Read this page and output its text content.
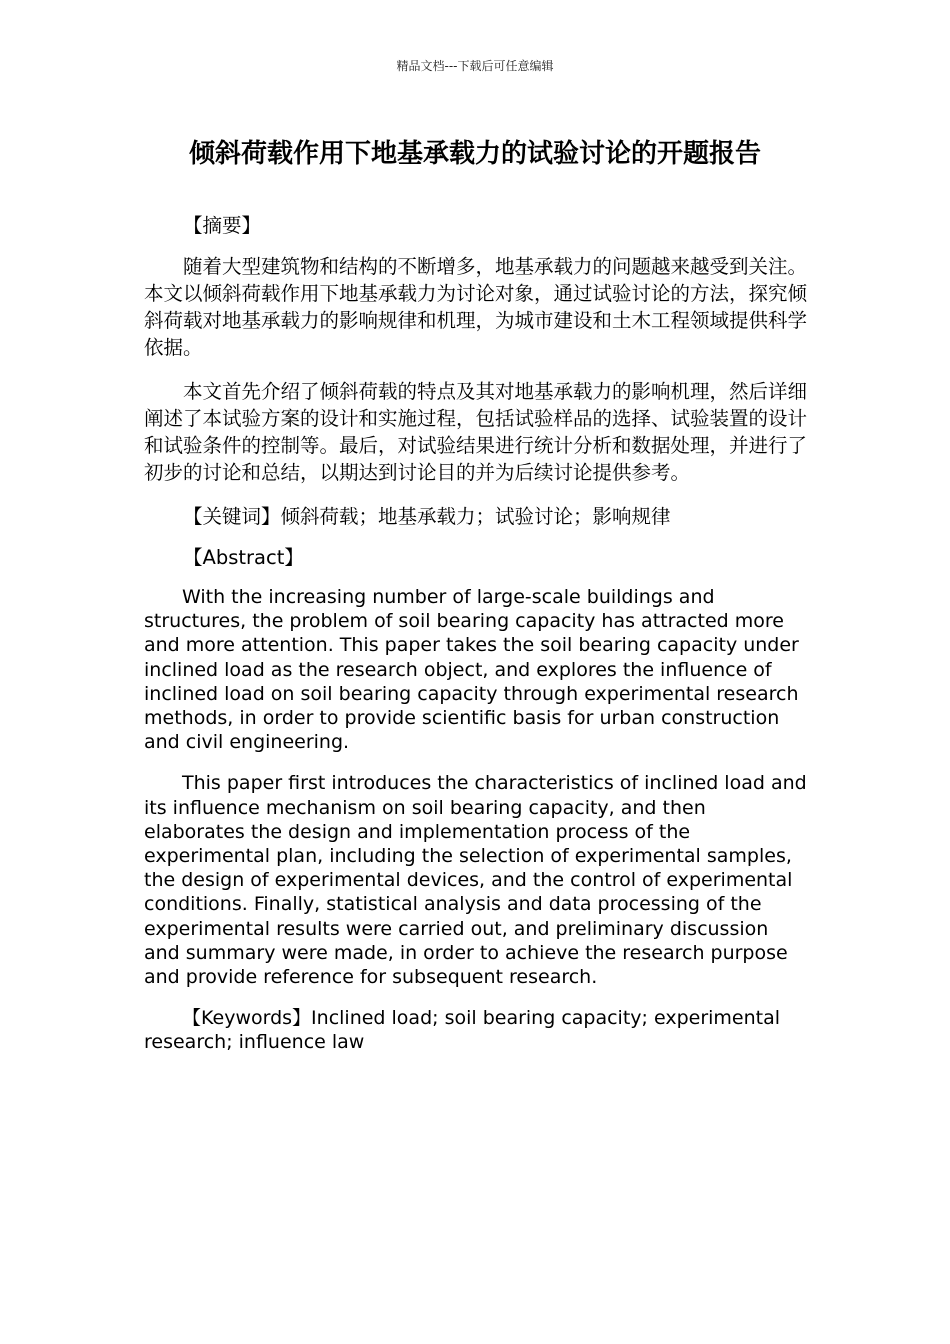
精品文档---下载后可任意编辑
倾斜荷载作用下地基承载力的试验讨论的开题报告

【摘要】

随着大型建筑物和结构的不断增多，地基承载力的问题越来越受到关注。本文以倾斜荷载作用下地基承载力为讨论对象，通过试验讨论的方法，探究倾斜荷载对地基承载力的影响规律和机理，为城市建设和土木工程领域提供科学依据。

本文首先介绍了倾斜荷载的特点及其对地基承载力的影响机理，然后详细阐述了本试验方案的设计和实施过程，包括试验样品的选择、试验装置的设计和试验条件的控制等。最后，对试验结果进行统计分析和数据处理，并进行了初步的讨论和总结，以期达到讨论目的并为后续讨论提供参考。

【关键词】倾斜荷载；地基承载力；试验讨论；影响规律

【Abstract】

With the increasing number of large-scale buildings and structures, the problem of soil bearing capacity has attracted more and more attention. This paper takes the soil bearing capacity under inclined load as the research object, and explores the influence of inclined load on soil bearing capacity through experimental research methods, in order to provide scientific basis for urban construction and civil engineering.

This paper first introduces the characteristics of inclined load and its influence mechanism on soil bearing capacity, and then elaborates the design and implementation process of the experimental plan, including the selection of experimental samples, the design of experimental devices, and the control of experimental conditions. Finally, statistical analysis and data processing of the experimental results were carried out, and preliminary discussion and summary were made, in order to achieve the research purpose and provide reference for subsequent research.

【Keywords】Inclined load; soil bearing capacity; experimental research; influence law
